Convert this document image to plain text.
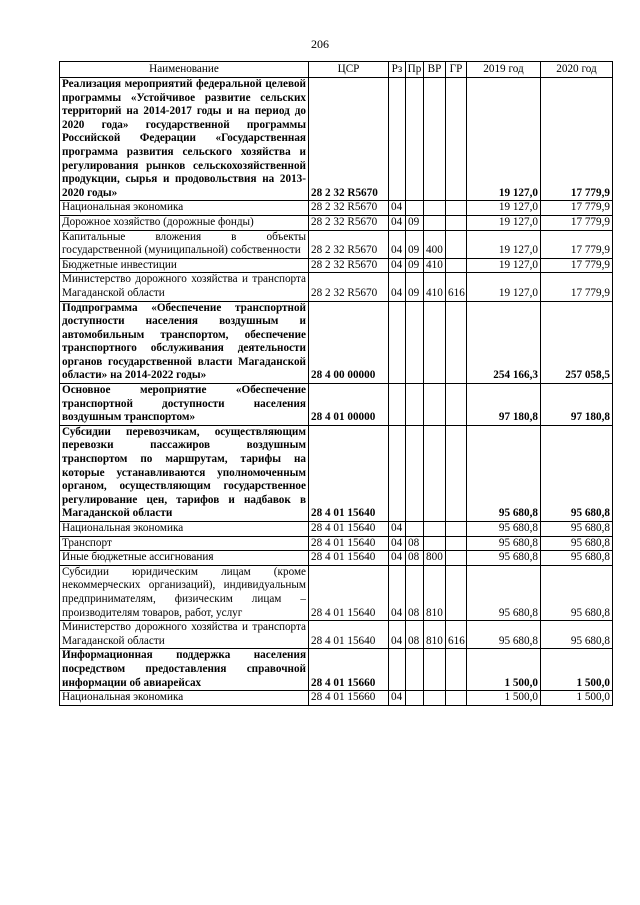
206
Наименование	ЦСР	Рз	Пр	ВР	ГР	2019 год	2020 год
Реализация мероприятий федеральной целевой программы «Устойчивое развитие сельских территорий на 2014-2017 годы и на период до 2020 года» государственной программы Российской Федерации «Государственная программа развития сельского хозяйства и регулирования рынков сельскохозяйственной продукции, сырья и продовольствия на 2013-2020 годы»	28 2 32 R5670					19 127,0	17 779,9
Национальная экономика	28 2 32 R5670	04				19 127,0	17 779,9
Дорожное хозяйство (дорожные фонды)	28 2 32 R5670	04	09			19 127,0	17 779,9
Капитальные вложения в объекты государственной (муниципальной) собственности	28 2 32 R5670	04	09	400		19 127,0	17 779,9
Бюджетные инвестиции	28 2 32 R5670	04	09	410		19 127,0	17 779,9
Министерство дорожного хозяйства и транспорта Магаданской области	28 2 32 R5670	04	09	410	616	19 127,0	17 779,9
Подпрограмма «Обеспечение транспортной доступности населения воздушным и автомобильным транспортом, обеспечение транспортного обслуживания деятельности органов государственной власти Магаданской области» на 2014-2022 годы»	28 4 00 00000					254 166,3	257 058,5
Основное мероприятие «Обеспечение транспортной доступности населения воздушным транспортом»	28 4 01 00000					97 180,8	97 180,8
Субсидии перевозчикам, осуществляющим перевозки пассажиров воздушным транспортом по маршрутам, тарифы на которые устанавливаются уполномоченным органом, осуществляющим государственное регулирование цен, тарифов и надбавок в Магаданской области	28 4 01 15640					95 680,8	95 680,8
Национальная экономика	28 4 01 15640	04				95 680,8	95 680,8
Транспорт	28 4 01 15640	04	08			95 680,8	95 680,8
Иные бюджетные ассигнования	28 4 01 15640	04	08	800		95 680,8	95 680,8
Субсидии юридическим лицам (кроме некоммерческих организаций), индивидуальным предпринимателям, физическим лицам – производителям товаров, работ, услуг	28 4 01 15640	04	08	810		95 680,8	95 680,8
Министерство дорожного хозяйства и транспорта Магаданской области	28 4 01 15640	04	08	810	616	95 680,8	95 680,8
Информационная поддержка населения посредством предоставления справочной информации об авиарейсах	28 4 01 15660					1 500,0	1 500,0
Национальная экономика	28 4 01 15660	04				1 500,0	1 500,0
